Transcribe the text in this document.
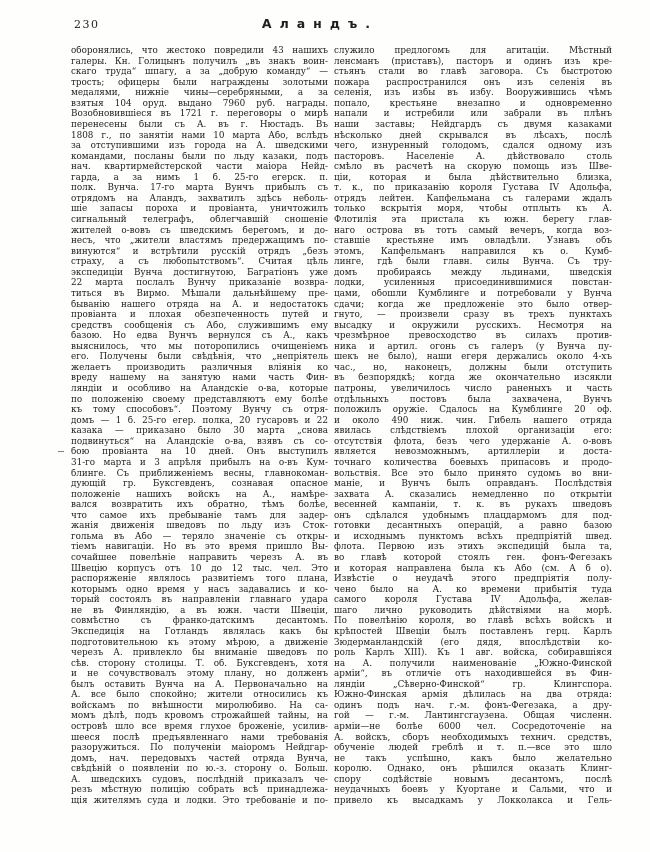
230	Аландъ.
оборонялись, что жестоко повредили 43 нашихъ
галеры. Кн. Голицынъ получилъ „въ знакъ воин-
скаго труда“ шпагу, а за „добрую команду“ —
трость; офицеры были награждены золотыми
медалями, нижніе чины—серебряными, а за
взятыя 104 оруд. выдано 7960 руб. награды.
Возобновившіеся въ 1721 г. переговоры о мирѣ
перенесены были съ А. въ г. Нюстадъ. Въ
1808 г., по занятіи нами 10 марта Або, вслѣдъ
за отступившими изъ города на А. шведскими
командами, посланы были по льду казаки, подъ
нач. квартирмейстерской части маіора Нейд-
гарда, а за нимъ 1 б. 25-го егерск. п.
полк. Вунча. 17-го марта Вунчъ прибылъ съ
отрядомъ на Аландъ, захватилъ здѣсь неболь-
шіе запасы пороха и провіанта, уничтожилъ
сигнальный телеграфъ, облегчавшій сношеніе
жителей о-вовъ съ шведскимъ берегомъ, и до-
несъ, что „жители властямъ предержащимъ по-
винуются“ и встрѣтили русскій отрядъ „безъ
страху, а съ любопытствомъ“. Считая цѣль
экспедиціи Вунча достигнутою, Багратіонъ уже
22 марта послалъ Вунчу приказаніе возвра-
титься въ Вирмо. Мѣшали дальнѣйшему пре-
быванію нашего отряда на А. и недостатокъ
провіанта и плохая обезпеченность путей и
средствъ сообщенія съ Або, служившимъ ему
базою. Но едва Вунчъ вернулся съ А., какъ
выяснилось, что мы поторопились очищеніемъ
его. Получены были свѣдѣнія, что „непріятель
желаетъ производить различныя вліянія ко
вреду нашему на занятую нами часть Фин-
ляндіи и особливо на Аландскіе о-ва, которые
по положенію своему представляютъ ему болѣе
къ тому способовъ“. Поэтому Вунчу съ отря-
домъ — 1 б. 25-го егер. полка, 20 гусаровъ и 22
казака — приказано было 30 марта „снова
подвинуться“ на Аландскіе о-ва, взявъ съ со-
бою провіанта на 10 дней. Онъ выступилъ
31-го марта и 3 апрѣля прибылъ на о-въ Кум-
блинге. Съ приближеніемъ весны, главнокоман-
дующій гр. Буксгевденъ, сознавая опасное
положеніе нашихъ войскъ на А., намѣре-
вался возвратить ихъ обратно, тѣмъ болѣе,
что самое ихъ пребываніе тамъ для задер-
жанія движенія шведовъ по льду изъ Сток-
гольма въ Або — теряло значеніе съ откры-
тіемъ навигаціи. Но въ это время пришло Вы-
сочайшее повелѣніе направить черезъ А. въ
Швецію корпусъ отъ 10 до 12 тыс. чел. Это
распоряженіе являлось развитіемъ того плана,
которымъ одно время у насъ задавались и ко-
торый состоялъ въ направленіи главнаго удара
не въ Финляндію, а въ южн. части Швеціи,
совмѣстно съ франко-датскимъ десантомъ.
Экспедиція на Готландъ являлась какъ бы
подготовительною къ этому мѣрою, а движеніе
черезъ А. привлекло бы вниманіе шведовъ по
сѣв. сторону столицы. Т. об. Буксгевденъ, хотя
и не сочувствовалъ этому плану, но долженъ
былъ оставить Вунча на А. Первоначально на
А. все было спокойно; жители относились къ
войскамъ по внѣшности миролюбиво. На са-
момъ дѣлѣ, подъ кровомъ строжайшей тайны, на
островѣ шло все время глухое броженіе, усилив-
шееся послѣ предъявленнаго нами требованія
разоружиться. По полученіи маіоромъ Нейдгар-
домъ, нач. передовыхъ частей отряда Вунча,
свѣдѣній о появленіи по ю.-з. сторону о. Больш.
А. шведскихъ судовъ, послѣдній приказалъ че-
резъ мѣстную полицію собрать всѣ принадлежа-
щія жителямъ суда и лодки. Это требованіе и по-
служило предлогомъ для агитаціи. Мѣстный
ленсманъ (приставъ), пасторъ и одинъ изъ кре-
стьянъ стали во главѣ заговора. Съ быстротою
пожара распространился онъ изъ селенія въ
селенія, изъ избы въ избу. Вооружившись чѣмъ
попало, крестьяне внезапно и одновременно
напали и истребили или забрали въ плѣнъ
наши заставы; Нейдгардъ съ двумя казаками
нѣсколько дней скрывался въ лѣсахъ, послѣ
чего, изнуренный голодомъ, сдался одному изъ
пасторовъ. Населеніе А. дѣйствовало столь
смѣло въ расчетѣ на скорую помощь изъ Шве-
ціи, которая и была дѣйствительно близка,
т. к., по приказанію короля Густава IV Адольфа,
отрядъ лейтен. Капфельмана съ галерами ждалъ
только вскрытія моря, чтобы отплыть къ А.
Флотилія эта пристала къ южн. берегу глав-
наго острова въ тотъ самый вечеръ, когда воз-
ставшіе крестьяне имъ овладѣли. Узнавъ объ
этомъ, Капфельманъ направился къ о. Кумб-
линге, гдѣ были главн. силы Вунча. Съ тру-
домъ пробираясь между льдинами, шведскія
лодки, усиленныя присоединившимися повстан-
цами, обошли Кумблинге и потребовали у Вунча
сдачи; когда же предложеніе это было отвер-
гнуто, — произвели сразу въ трехъ пунктахъ
высадку и окружили русскихъ. Несмотря на
чрезмѣрное превосходство въ силахъ против-
ника и артил. огонь съ галеръ (у Вунча пу-
шекъ не было), наши егеря держались около 4-хъ
час., но, наконецъ, должны были отступить
въ безпорядкѣ; когда же окончательно изсякли
патроны, увеличилось число раненыхъ и часть
отдѣльныхъ постовъ была захвачена, Вунчъ
положилъ оружіе. Сдалось на Кумблинге 20 оф.
и около 490 ниж. чин. Гибель нашего отряда
явилась слѣдствіемъ плохой организаціи его:
отсутствія флота, безъ чего удержаніе А. о-вовъ
является невозможнымъ, артиллеріи и доста-
точнаго количества боевыхъ припасовъ и продо-
вольствія. Все это было принято судомъ во вни-
маніе, и Вунчъ былъ оправданъ. Послѣдствія
захвата А. сказались немедленно по открытіи
весенней кампаніи, т. к. въ рукахъ шведовъ
онъ сдѣлался удобнымъ плацдармомъ для под-
готовки десантныхъ операцій, а равно базою
и исходнымъ пунктомъ всѣхъ предпріятій швед.
флота. Первою изъ этихъ экспедицій была та,
во главѣ которой стоялъ ген. фонъ-Фегезакъ
и которая направлена была къ Або (см. А б о).
Извѣстіе о неудачѣ этого предпріятія полу-
чено было на А. ко времени прибытія туда
самого короля Густава IV Адольфа, желав-
шаго лично руководить дѣйствіями на морѣ.
По повелѣнію короля, во главѣ всѣхъ войскъ и
крѣпостей Швеціи былъ поставленъ герц. Карлъ
Зюдерманландскій (его дядя, впослѣдствіи ко-
роль Карлъ XIII). Къ 1 авг. войска, собиравшіяся
на А. получили наименованіе „Южно-Финской
арміи“, въ отличіе отъ находившейся въ Фин-
ляндіи „Сѣверно-Финской“ гр. Клингспора.
Южно-Финская армія дѣлилась на два отряда:
одинъ подъ нач. г.-м. фонъ-Фегезака, а дру-
гой — г.-м. Лантингсгаузена. Общая численн.
арміи—не болѣе 6000 чел. Сосредоточеніе на
А. войскъ, сборъ необходимыхъ технич. средствъ,
обученіе людей греблѣ и т. п.—все это шло
не такъ успѣшно, какъ было желательно
королю. Однако, онъ рѣшился оказать Клинг-
спору содѣйствіе новымъ десантомъ, послѣ
неудачныхъ боевъ у Куортане и Сальми, что и
привело къ высадкамъ у Локколакса и Гель-
